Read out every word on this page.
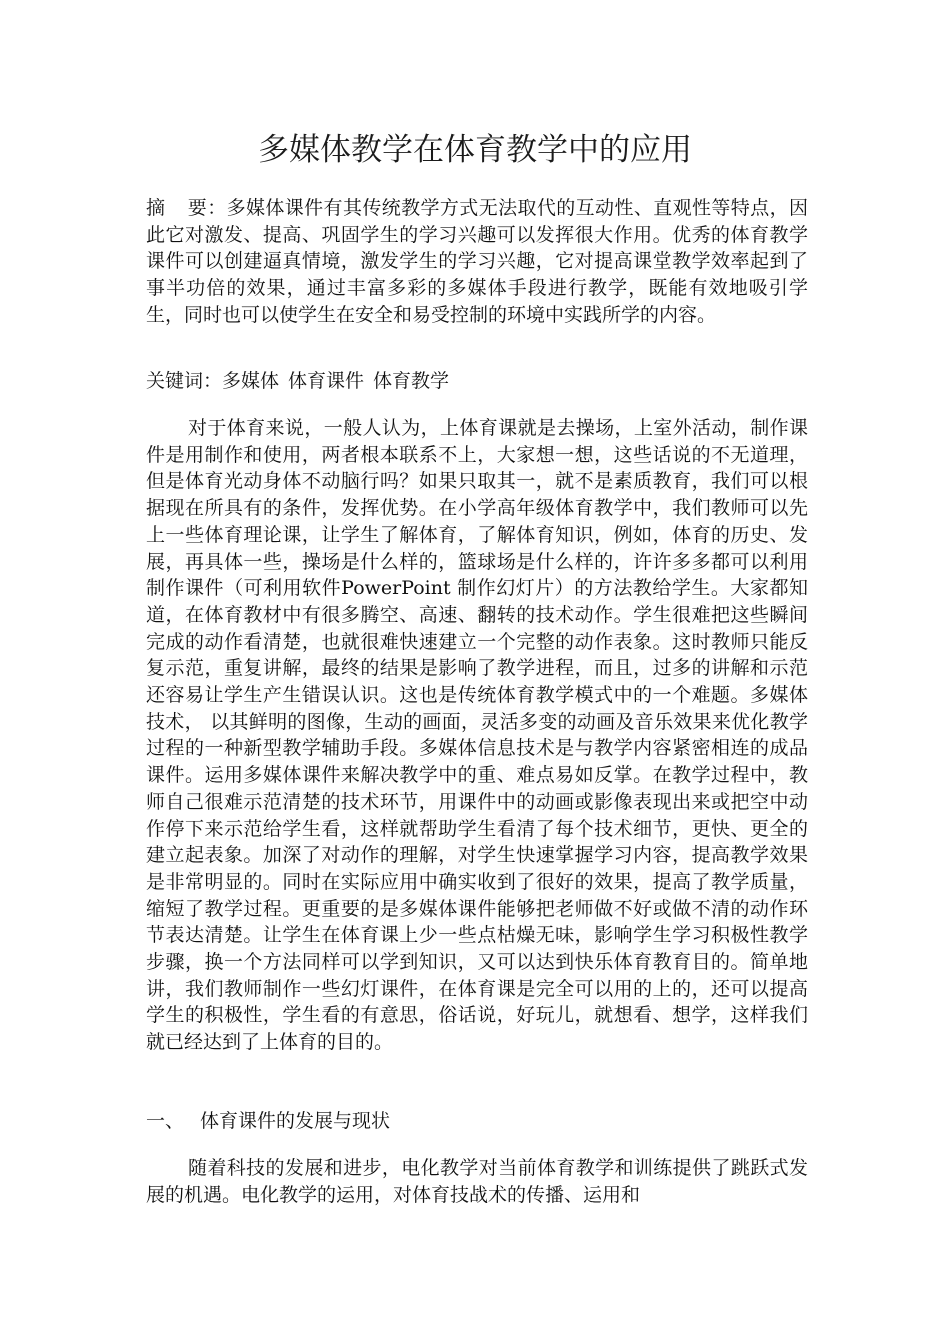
多媒体教学在体育教学中的应用

摘 要：多媒体课件有其传统教学方式无法取代的互动性、直观性等特点，因此它对激发、提高、巩固学生的学习兴趣可以发挥很大作用。优秀的体育教学课件可以创建逼真情境，激发学生的学习兴趣，它对提高课堂教学效率起到了事半功倍的效果，通过丰富多彩的多媒体手段进行教学，既能有效地吸引学生，同时也可以使学生在安全和易受控制的环境中实践所学的内容。

关键词：多媒体 体育课件 体育教学

对于体育来说，一般人认为，上体育课就是去操场，上室外活动，制作课件是用制作和使用，两者根本联系不上，大家想一想，这些话说的不无道理，但是体育光动身体不动脑行吗？如果只取其一，就不是素质教育，我们可以根据现在所具有的条件，发挥优势。在小学高年级体育教学中，我们教师可以先上一些体育理论课，让学生了解体育，了解体育知识，例如，体育的历史、发展，再具体一些，操场是什么样的，篮球场是什么样的，许许多多都可以利用制作课件（可利用软件PowerPoint 制作幻灯片）的方法教给学生。大家都知道，在体育教材中有很多腾空、高速、翻转的技术动作。学生很难把这些瞬间完成的动作看清楚，也就很难快速建立一个完整的动作表象。这时教师只能反复示范，重复讲解，最终的结果是影响了教学进程，而且，过多的讲解和示范还容易让学生产生错误认识。这也是传统体育教学模式中的一个难题。多媒体技术， 以其鲜明的图像，生动的画面，灵活多变的动画及音乐效果来优化教学过程的一种新型教学辅助手段。多媒体信息技术是与教学内容紧密相连的成品课件。运用多媒体课件来解决教学中的重、难点易如反掌。在教学过程中，教师自己很难示范清楚的技术环节，用课件中的动画或影像表现出来或把空中动作停下来示范给学生看，这样就帮助学生看清了每个技术细节，更快、更全的建立起表象。加深了对动作的理解，对学生快速掌握学习内容，提高教学效果是非常明显的。同时在实际应用中确实收到了很好的效果，提高了教学质量，缩短了教学过程。更重要的是多媒体课件能够把老师做不好或做不清的动作环节表达清楚。让学生在体育课上少一些点枯燥无味，影响学生学习积极性教学步骤，换一个方法同样可以学到知识，又可以达到快乐体育教育目的。简单地讲，我们教师制作一些幻灯课件，在体育课是完全可以用的上的，还可以提高学生的积极性，学生看的有意思，俗话说，好玩儿，就想看、想学，这样我们就已经达到了上体育的目的。

一、 体育课件的发展与现状

随着科技的发展和进步，电化教学对当前体育教学和训练提供了跳跃式发展的机遇。电化教学的运用，对体育技战术的传播、运用和
